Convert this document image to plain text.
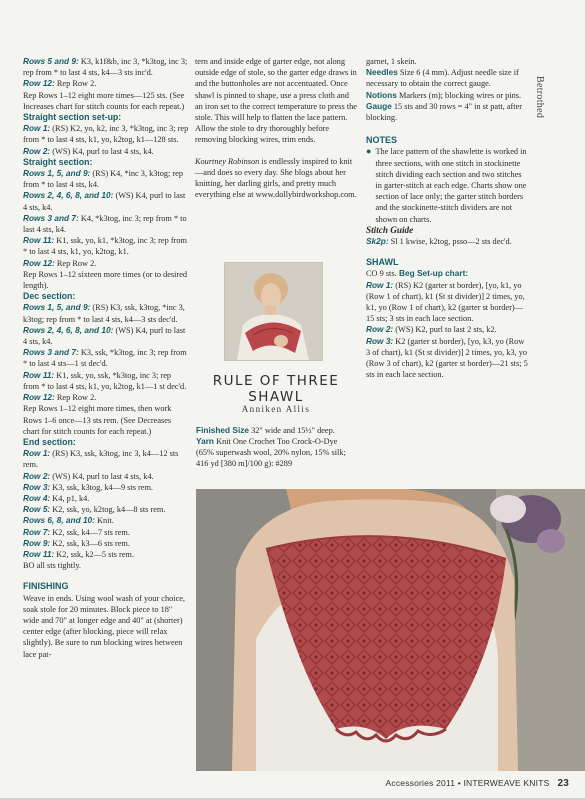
Betrothed

Rows 5 and 9: K3, k1f&b, inc 3, *k3tog, inc 3; rep from * to last 4 sts, k4—3 sts inc'd.

Row 12: Rep Row 2.

Rep Rows 1–12 eight more times—125 sts. (See Increases chart for stitch counts for each repeat.)

Straight section set-up:

Row 1: (RS) K2, yo, k2, inc 3, *k3tog, inc 3; rep from * to last 4 sts, k1, yo, k2tog, k1—128 sts.

Row 2: (WS) K4, purl to last 4 sts, k4.

Straight section:

Rows 1, 5, and 9: (RS) K4, *inc 3, k3tog; rep from * to last 4 sts, k4.

Rows 2, 4, 6, 8, and 10: (WS) K4, purl to last 4 sts, k4.

Rows 3 and 7: K4, *k3tog, inc 3; rep from * to last 4 sts, k4.

Row 11: K1, ssk, yo, k1, *k3tog, inc 3; rep from * to last 4 sts, k1, yo, k2tog, k1.

Row 12: Rep Row 2.

Rep Rows 1–12 sixteen more times (or to desired length).

Dec section:

Rows 1, 5, and 9: (RS) K3, ssk, k3tog, *inc 3, k3tog; rep from * to last 4 sts, k4—3 sts dec'd.

Rows 2, 4, 6, 8, and 10: (WS) K4, purl to last 4 sts, k4.

Rows 3 and 7: K3, ssk, *k3tog, inc 3; rep from * to last 4 sts—1 st dec'd.

Row 11: K1, ssk, yo, ssk, *k3tog, inc 3; rep from * to last 4 sts, k1, yo, k2tog, k1—1 st dec'd.

Row 12: Rep Row 2.

Rep Rows 1–12 eight more times, then work Rows 1–6 once—13 sts rem. (See Decreases chart for stitch counts for each repeat.)

End section:

Row 1: (RS) K3, ssk, k3tog, inc 3, k4—12 sts rem.

Row 2: (WS) K4, purl to last 4 sts, k4.

Row 3: K3, ssk, k3tog, k4—9 sts rem.

Row 4: K4, p1, k4.

Row 5: K2, ssk, yo, k2tog, k4—8 sts rem.

Rows 6, 8, and 10: Knit.

Row 7: K2, ssk, k4—7 sts rem.

Row 9: K2, ssk, k3—6 sts rem.

Row 11: K2, ssk, k2—5 sts rem.

BO all sts tightly.

FINISHING

Weave in ends. Using wool wash of your choice, soak stole for 20 minutes. Block piece to 18" wide and 70" at longer edge and 40" at (shorter) center edge (after blocking, piece will relax slightly). Be sure to run blocking wires between lace pat-

tern and inside edge of garter edge, not along outside edge of stole, so the garter edge draws in and the buttonholes are not accentuated. Once shawl is pinned to shape, use a press cloth and an iron set to the correct temperature to press the stole. This will help to flatten the lace pattern. Allow the stole to dry thoroughly before removing blocking wires, trim ends.

Kourtney Robinson is endlessly inspired to knit—and does so every day. She blogs about her knitting, her darling girls, and pretty much everything else at www.dollybirdworkshop.com.

RULE OF THREE SHAWL
Anniken Allis

Finished Size 32" wide and 15½" deep.

Yarn Knit One Crochet Too Crock-O-Dye (65% superwash wool, 20% nylon, 15% silk; 416 yd [380 m]/100 g): #289

garnet, 1 skein.

Needles Size 6 (4 mm). Adjust needle size if necessary to obtain the correct gauge.

Notions Markers (m); blocking wires or pins.

Gauge 15 sts and 30 rows = 4" in st patt, after blocking.

NOTES

● The lace pattern of the shawlette is worked in three sections, with one stitch in stockinette stitch dividing each section and two stitches in garter-stitch at each edge. Charts show one section of lace only; the garter stitch borders and the stockinette-stitch dividers are not shown on charts.

Stitch Guide

Sk2p: Sl 1 kwise, k2tog, psso—2 sts dec'd.

SHAWL

CO 9 sts. Beg Set-up chart:

Row 1: (RS) K2 (garter st border), [yo, k1, yo (Row 1 of chart), k1 (St st divider)] 2 times, yo, k1, yo (Row 1 of chart), k2 (garter st border)—15 sts; 3 sts in each lace section.

Row 2: (WS) K2, purl to last 2 sts, k2.

Row 3: K2 (garter st border), [yo, k3, yo (Row 3 of chart), k1 (St st divider)] 2 times, yo, k3, yo (Row 3 of chart), k2 (garter st border)—21 sts; 5 sts in each lace section.

Accessories 2011 • INTERWEAVE KNITS 23
